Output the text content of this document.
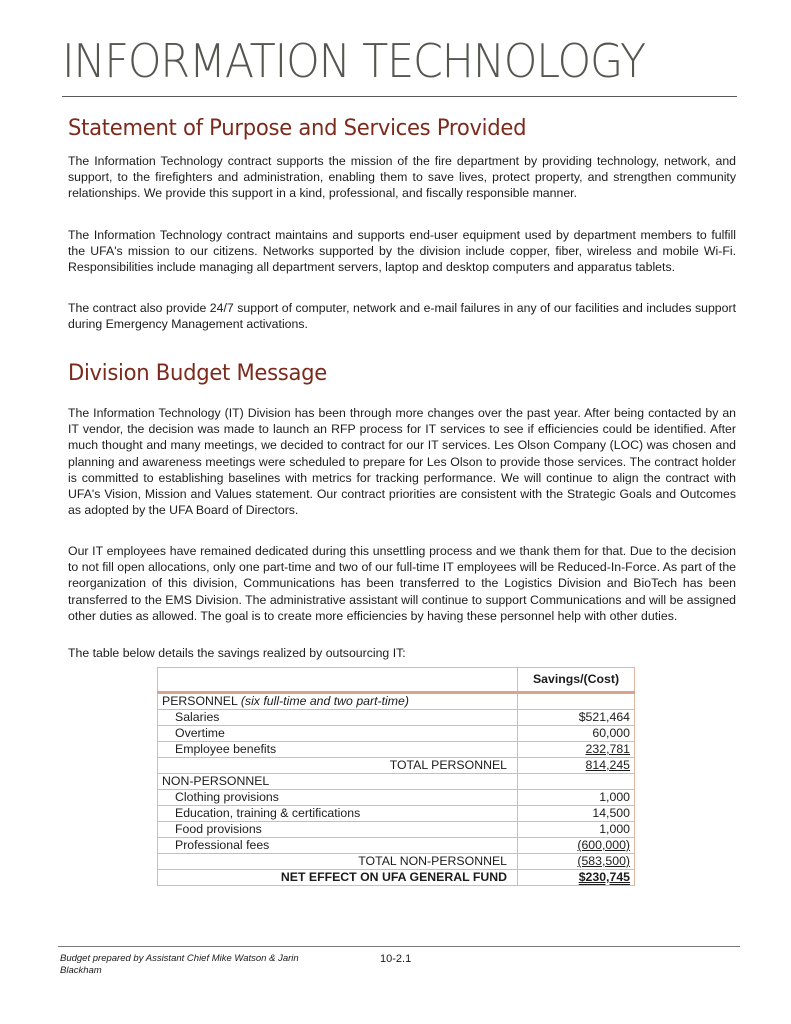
INFORMATION TECHNOLOGY
Statement of Purpose and Services Provided

The Information Technology contract supports the mission of the fire department by providing technology, network, and support, to the firefighters and administration, enabling them to save lives, protect property, and strengthen community relationships. We provide this support in a kind, professional, and fiscally responsible manner.

The Information Technology contract maintains and supports end-user equipment used by department members to fulfill the UFA's mission to our citizens. Networks supported by the division include copper, fiber, wireless and mobile Wi-Fi. Responsibilities include managing all department servers, laptop and desktop computers and apparatus tablets.

The contract also provide 24/7 support of computer, network and e-mail failures in any of our facilities and includes support during Emergency Management activations.

Division Budget Message

The Information Technology (IT) Division has been through more changes over the past year. After being contacted by an IT vendor, the decision was made to launch an RFP process for IT services to see if efficiencies could be identified. After much thought and many meetings, we decided to contract for our IT services. Les Olson Company (LOC) was chosen and planning and awareness meetings were scheduled to prepare for Les Olson to provide those services. The contract holder is committed to establishing baselines with metrics for tracking performance. We will continue to align the contract with UFA's Vision, Mission and Values statement. Our contract priorities are consistent with the Strategic Goals and Outcomes as adopted by the UFA Board of Directors.

Our IT employees have remained dedicated during this unsettling process and we thank them for that. Due to the decision to not fill open allocations, only one part-time and two of our full-time IT employees will be Reduced-In-Force. As part of the reorganization of this division, Communications has been transferred to the Logistics Division and BioTech has been transferred to the EMS Division. The administrative assistant will continue to support Communications and will be assigned other duties as allowed. The goal is to create more efficiencies by having these personnel help with other duties.

The table below details the savings realized by outsourcing IT:

	Savings/(Cost)
PERSONNEL (six full-time and two part-time)	
Salaries	$521,464
Overtime	60,000
Employee benefits	232,781
TOTAL PERSONNEL	814,245
NON-PERSONNEL	
Clothing provisions	1,000
Education, training & certifications	14,500
Food provisions	1,000
Professional fees	(600,000)
TOTAL NON-PERSONNEL	(583,500)
NET EFFECT ON UFA GENERAL FUND	$230,745
Budget prepared by Assistant Chief Mike Watson & Jarin Blackham
10-2.1
